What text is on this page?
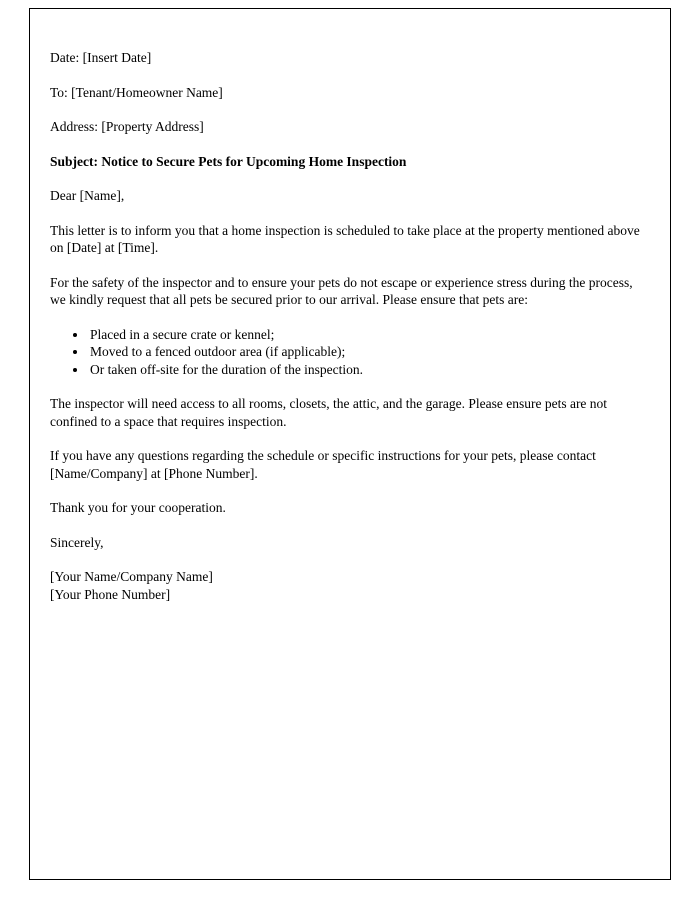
Date: [Insert Date]

To: [Tenant/Homeowner Name]

Address: [Property Address]

Subject: Notice to Secure Pets for Upcoming Home Inspection

Dear [Name],

This letter is to inform you that a home inspection is scheduled to take place at the property mentioned above on [Date] at [Time].

For the safety of the inspector and to ensure your pets do not escape or experience stress during the process, we kindly request that all pets be secured prior to our arrival. Please ensure that pets are:

• Placed in a secure crate or kennel;
• Moved to a fenced outdoor area (if applicable);
• Or taken off-site for the duration of the inspection.

The inspector will need access to all rooms, closets, the attic, and the garage. Please ensure pets are not confined to a space that requires inspection.

If you have any questions regarding the schedule or specific instructions for your pets, please contact [Name/Company] at [Phone Number].

Thank you for your cooperation.

Sincerely,

[Your Name/Company Name]

[Your Phone Number]
